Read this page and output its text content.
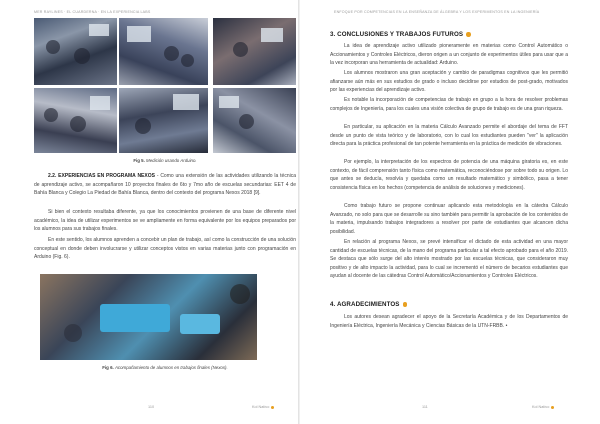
MER RAYLINES · EL CUARDERNA · EN LA EXPERIENCIA LABS
Fig 5. Medición usando Arduino.

2.2. EXPERIENCIAS EN PROGRAMA NEXOS - Como una extensión de las actividades utilizando la técnica de aprendizaje activo, se acompañaron 10 proyectos finales de 6to y 7mo año de escuelas secundarias: EET 4 de Bahía Blanca y Colegio La Piedad de Bahía Blanca, dentro del contexto del programa Nexos 2018 [9].

Si bien el contexto resultaba diferente, ya que los conocimientos provienen de una base de diferente nivel académico, la idea de utilizar experimentos se ve ampliamente en forma equivalente por los equipos preparados por los alumnos para sus trabajos finales.

En este sentido, los alumnos aprenden a concebir un plan de trabajo, así como la construcción de una solución conceptual en donde deben involucrarse y utilizar conceptos vistos en varias materias junto con programación en Arduino (Fig. 6).

Fig 6. Acompañamiento de alumnos en trabajos finales (Nexos).
110	Kol Nativo
ENFOQUE POR COMPETENCIAS EN LA ENSEÑANZA DE ÁLGEBRA Y LOS EXPERIMENTOS EN LA INGENIERÍA
3. CONCLUSIONES Y TRABAJOS FUTUROS

La idea de aprendizaje activo utilizado pioneramente en materias como Control Automático o Accionamientos y Controles Eléctricos, dieron origen a un conjunto de experimentos útiles para usar que a la vez incorporan una herramienta de actualidad: Arduino.

Los alumnos mostraron una gran aceptación y cambio de paradigmas cognitivos que les permitió afianzarse aún más en sus estudios de grado o incluso decidirse por estudios de post-grado, motivados por las experiencias del aprendizaje activo.

Es notable la incorporación de competencias de trabajo en grupo a la hora de resolver problemas complejos de Ingeniería, para los cuales una visión colectiva de grupo de trabajo es de una gran riqueza.

En particular, su aplicación en la materia Cálculo Avanzado permite el abordaje del tema de FFT desde un punto de vista teórico y de laboratorio, con lo cual los estudiantes pueden "ver" la aplicación directa para la práctica profesional de tan potente herramienta en la práctica de medición de vibraciones.

Por ejemplo, la interpretación de los espectros de potencia de una máquina giratoria es, en este contexto, de fácil comprensión tanto física como matemática, reconociéndose por sobre todo su origen. Lo que antes se deducía, resolvía y quedaba como un resultado matemático y simbólico, pasa a tener consistencia física en los hechos (competencia de análisis de soluciones y mediciones).

Como trabajo futuro se propone continuar aplicando esta metodología en la cátedra Cálculo Avanzado, no solo para que se desarrolle su sino también para permitir la aprobación de los contenidos de la materia, impulsando trabajos integradores a resolver por parte de estudiantes que alcancen dicha posibilidad.

En relación al programa Nexos, se prevé intensificar el dictado de esta actividad en una mayor cantidad de escuelas técnicas, de la mano del programa particular a tal efecto aprobado para el año 2019. Se destaca que sólo surge del alto interés mostrado por las escuelas técnicas, que consideraron muy positivo y de alto impacto la actividad, para lo cual se incrementó el número de becarios estudiantes que ayudan al docente de las cátedras Control Automático/Accionamientos y Controles Eléctricos.

4. AGRADECIMIENTOS

Los autores desean agradecer el apoyo de la Secretaría Académica y de los Departamentos de Ingeniería Eléctrica, Ingeniería Mecánica y Ciencias Básicas de la UTN-FRBB. •

111	Kol Nativo
